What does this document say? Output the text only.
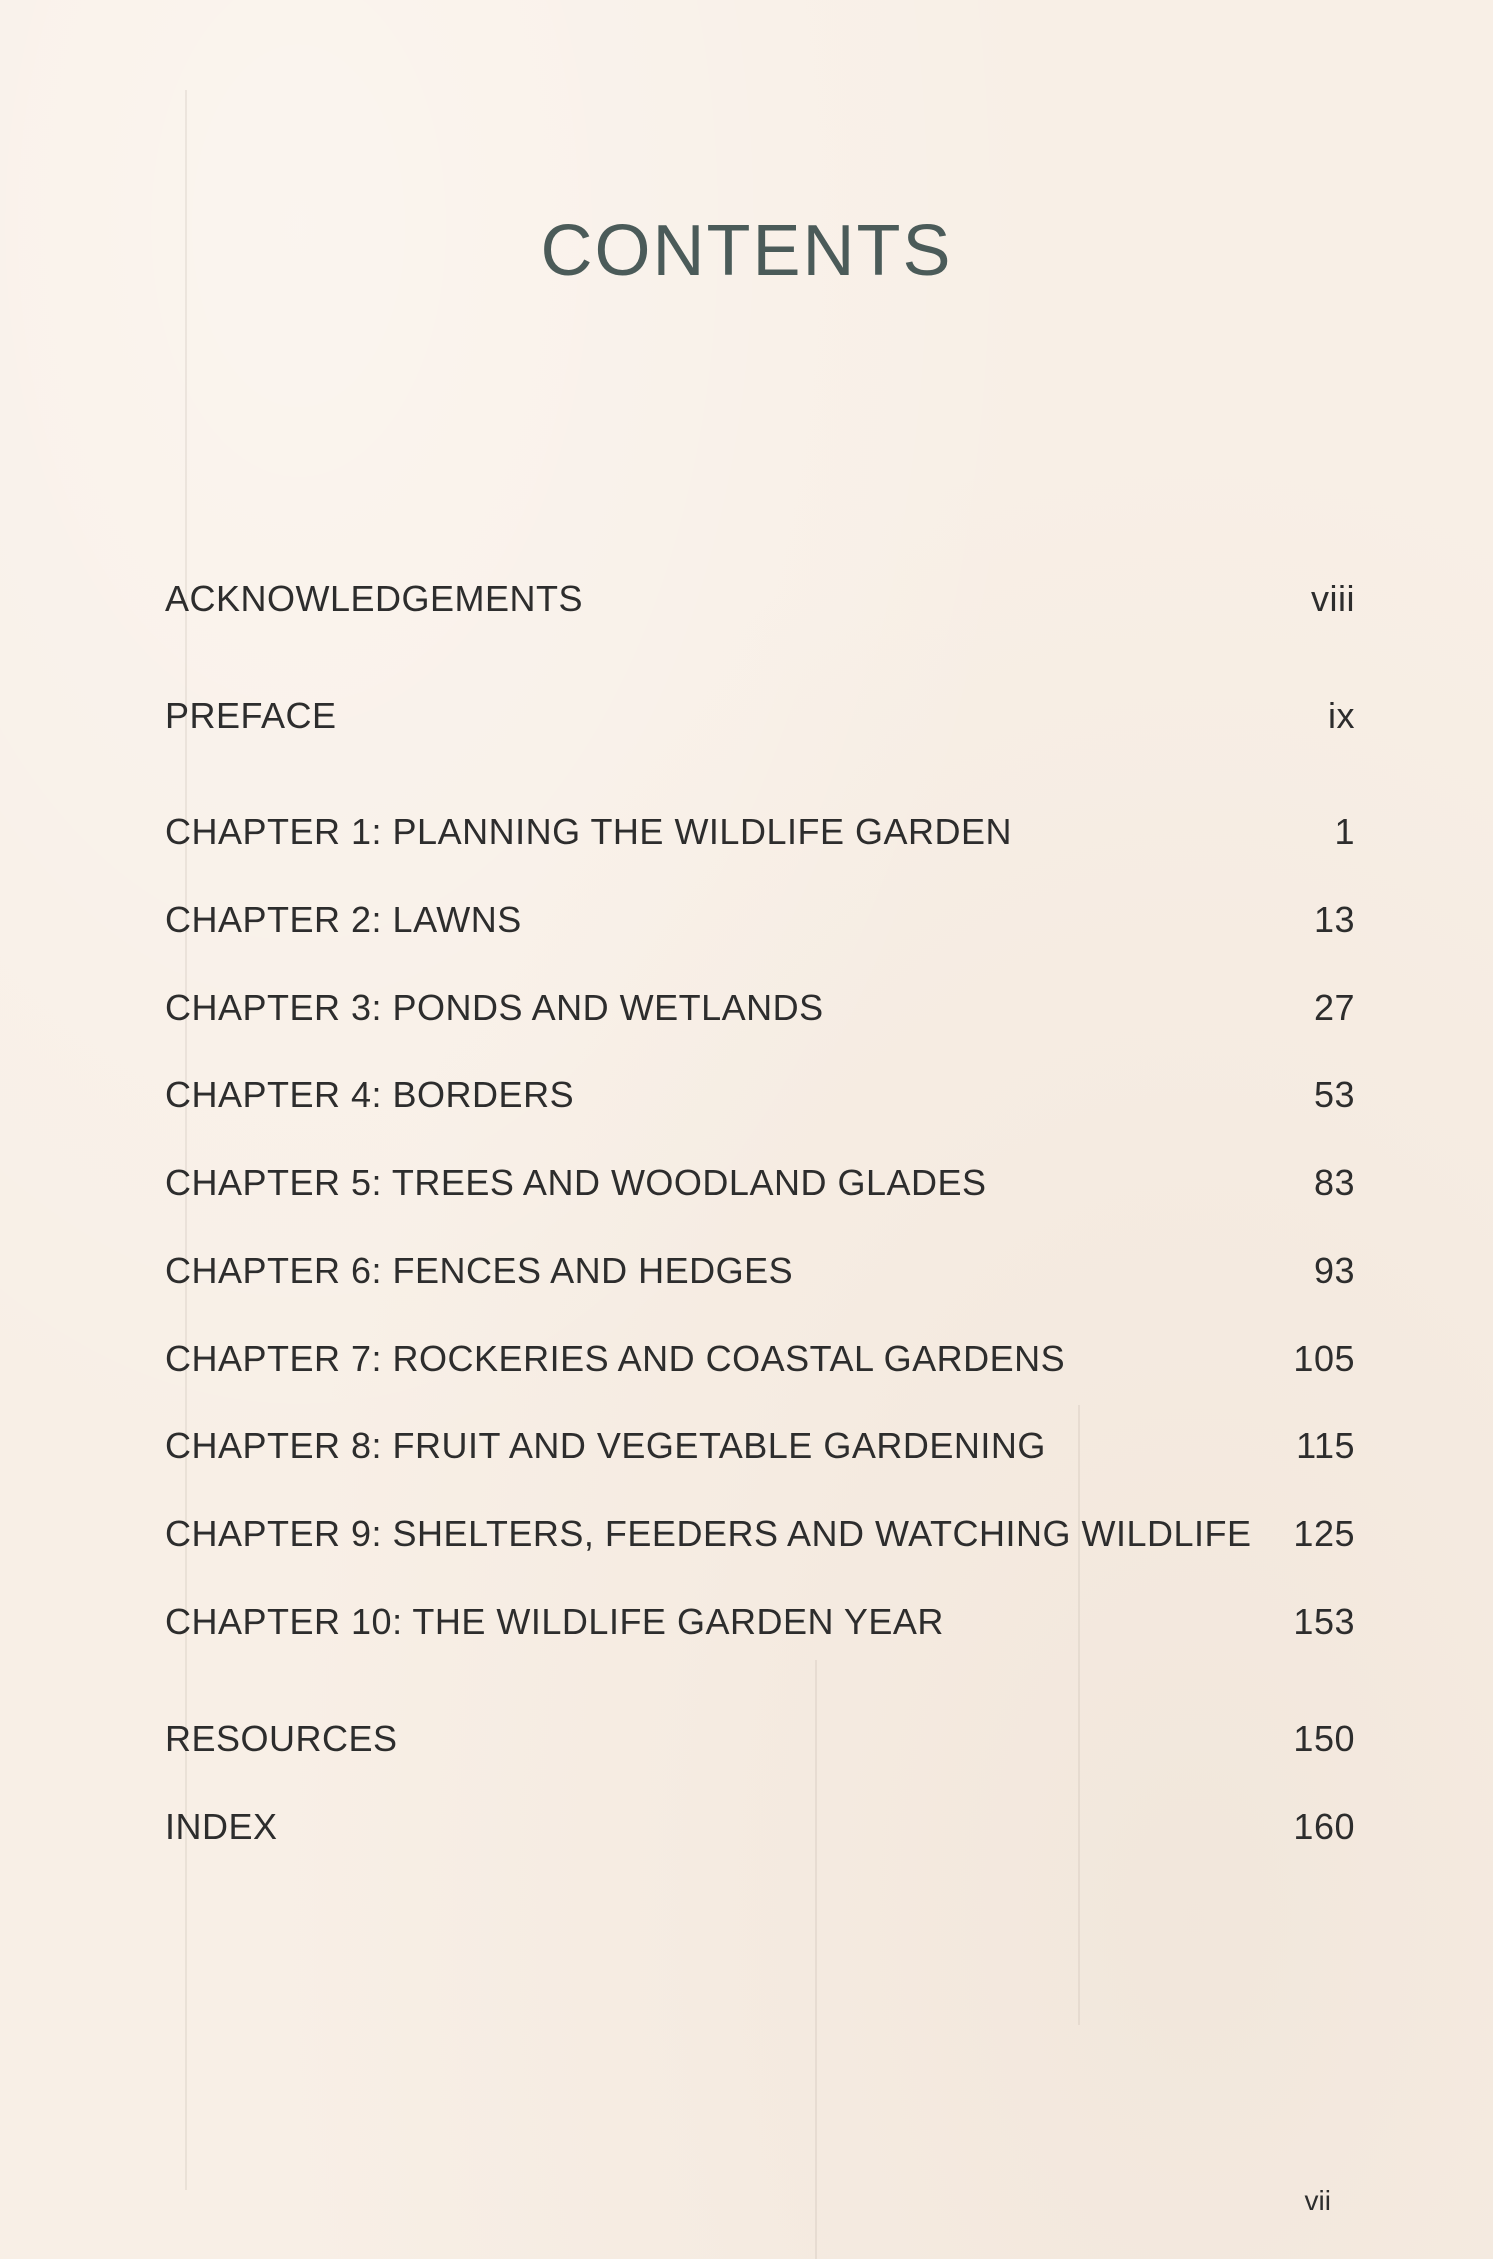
CONTENTS
ACKNOWLEDGEMENTS	viii
PREFACE	ix
CHAPTER 1: PLANNING THE WILDLIFE GARDEN	1
CHAPTER 2: LAWNS	13
CHAPTER 3: PONDS AND WETLANDS	27
CHAPTER 4: BORDERS	53
CHAPTER 5: TREES AND WOODLAND GLADES	83
CHAPTER 6: FENCES AND HEDGES	93
CHAPTER 7: ROCKERIES AND COASTAL GARDENS	105
CHAPTER 8: FRUIT AND VEGETABLE GARDENING	115
CHAPTER 9: SHELTERS, FEEDERS AND WATCHING WILDLIFE	125
CHAPTER 10: THE WILDLIFE GARDEN YEAR	153
RESOURCES	150
INDEX	160
vii
